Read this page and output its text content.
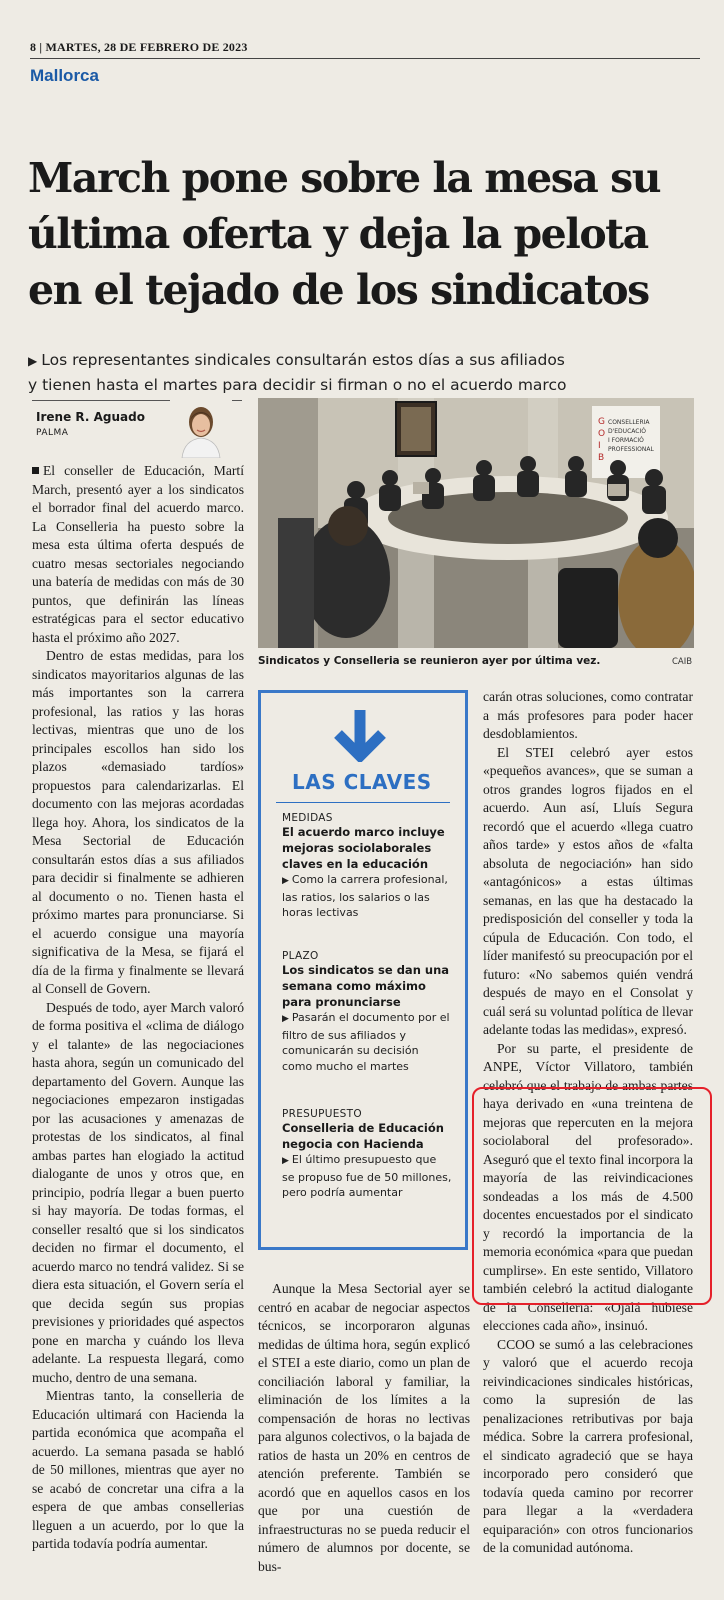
8 | MARTES, 28 DE FEBRERO DE 2023
Mallorca
March pone sobre la mesa su
última oferta y deja la pelota
en el tejado de los sindicatos
▶ Los representantes sindicales consultarán estos días a sus afiliados
y tienen hasta el martes para decidir si firman o no el acuerdo marco
Irene R. Aguado
PALMA
G
O
I
B
CONSELLERIA
D'EDUCACIÓ
I FORMACIÓ
PROFESSIONAL
Sindicatos y Conselleria se reunieron ayer por última vez.	CAIB

El conseller de Educación, Martí March, presentó ayer a los sindicatos el borrador final del acuerdo marco. La Conselleria ha puesto sobre la mesa esta última oferta después de cuatro mesas sectoriales negociando una batería de medidas con más de 30 puntos, que definirán las líneas estratégicas para el sector educativo hasta el próximo año 2027.

Dentro de estas medidas, para los sindicatos mayoritarios algunas de las más importantes son la carrera profesional, las ratios y las horas lectivas, mientras que uno de los principales escollos han sido los plazos «demasiado tardíos» propuestos para calendarizarlas. El documento con las mejoras acordadas llega hoy. Ahora, los sindicatos de la Mesa Sectorial de Educación consultarán estos días a sus afiliados para decidir si finalmente se adhieren al documento o no. Tienen hasta el próximo martes para pronunciarse. Si el acuerdo consigue una mayoría significativa de la Mesa, se fijará el día de la firma y finalmente se llevará al Consell de Govern.

Después de todo, ayer March valoró de forma positiva el «clima de diálogo y el talante» de las negociaciones hasta ahora, según un comunicado del departamento del Govern. Aunque las negociaciones empezaron instigadas por las acusaciones y amenazas de protestas de los sindicatos, al final ambas partes han elogiado la actitud dialogante de unos y otros que, en principio, podría llegar a buen puerto si hay mayoría. De todas formas, el conseller resaltó que si los sindicatos deciden no firmar el documento, el acuerdo marco no tendrá validez. Si se diera esta situación, el Govern sería el que decida según sus propias previsiones y prioridades qué aspectos pone en marcha y cuándo los lleva adelante. La respuesta llegará, como mucho, dentro de una semana.

Mientras tanto, la conselleria de Educación ultimará con Hacienda la partida económica que acompaña el acuerdo. La semana pasada se habló de 50 millones, mientras que ayer no se acabó de concretar una cifra a la espera de que ambas consellerias lleguen a un acuerdo, por lo que la partida todavía podría aumentar.

LAS CLAVES
MEDIDAS
El acuerdo marco incluye mejoras sociolaborales claves en la educación
▶ Como la carrera profesional, las ratios, los salarios o las horas lectivas
PLAZO
Los sindicatos se dan una semana como máximo para pronunciarse
▶ Pasarán el documento por el filtro de sus afiliados y comunicarán su decisión como mucho el martes
PRESUPUESTO
Conselleria de Educación negocia con Hacienda
▶ El último presupuesto que se propuso fue de 50 millones, pero podría aumentar

Aunque la Mesa Sectorial ayer se centró en acabar de negociar aspectos técnicos, se incorporaron algunas medidas de última hora, según explicó el STEI a este diario, como un plan de conciliación laboral y familiar, la eliminación de los límites a la compensación de horas no lectivas para algunos colectivos, o la bajada de ratios de hasta un 20% en centros de atención preferente. También se acordó que en aquellos casos en los que por una cuestión de infraestructuras no se pueda reducir el número de alumnos por docente, se bus-

carán otras soluciones, como contratar a más profesores para poder hacer desdoblamientos.

El STEI celebró ayer estos «pequeños avances», que se suman a otros grandes logros fijados en el acuerdo. Aun así, Lluís Segura recordó que el acuerdo «llega cuatro años tarde» y estos años de «falta absoluta de negociación» han sido «antagónicos» a estas últimas semanas, en las que ha destacado la predisposición del conseller y toda la cúpula de Educación. Con todo, el líder manifestó su preocupación por el futuro: «No sabemos quién vendrá después de mayo en el Consolat y cuál será su voluntad política de llevar adelante todas las medidas», expresó.

Por su parte, el presidente de ANPE, Víctor Villatoro, también celebró que el trabajo de ambas partes haya derivado en «una treintena de mejoras que repercuten en la mejora sociolaboral del profesorado». Aseguró que el texto final incorpora la mayoría de las reivindicaciones sondeadas a los más de 4.500 docentes encuestados por el sindicato y recordó la importancia de la memoria económica «para que puedan cumplirse». En este sentido, Villatoro también celebró la actitud dialogante de la Conselleria: «Ojalá hubiese elecciones cada año», insinuó.

CCOO se sumó a las celebraciones y valoró que el acuerdo recoja reivindicaciones sindicales históricas, como la supresión de las penalizaciones retributivas por baja médica. Sobre la carrera profesional, el sindicato agradeció que se haya incorporado pero consideró que todavía queda camino por recorrer para llegar a la «verdadera equiparación» con otros funcionarios de la comunidad autónoma.
